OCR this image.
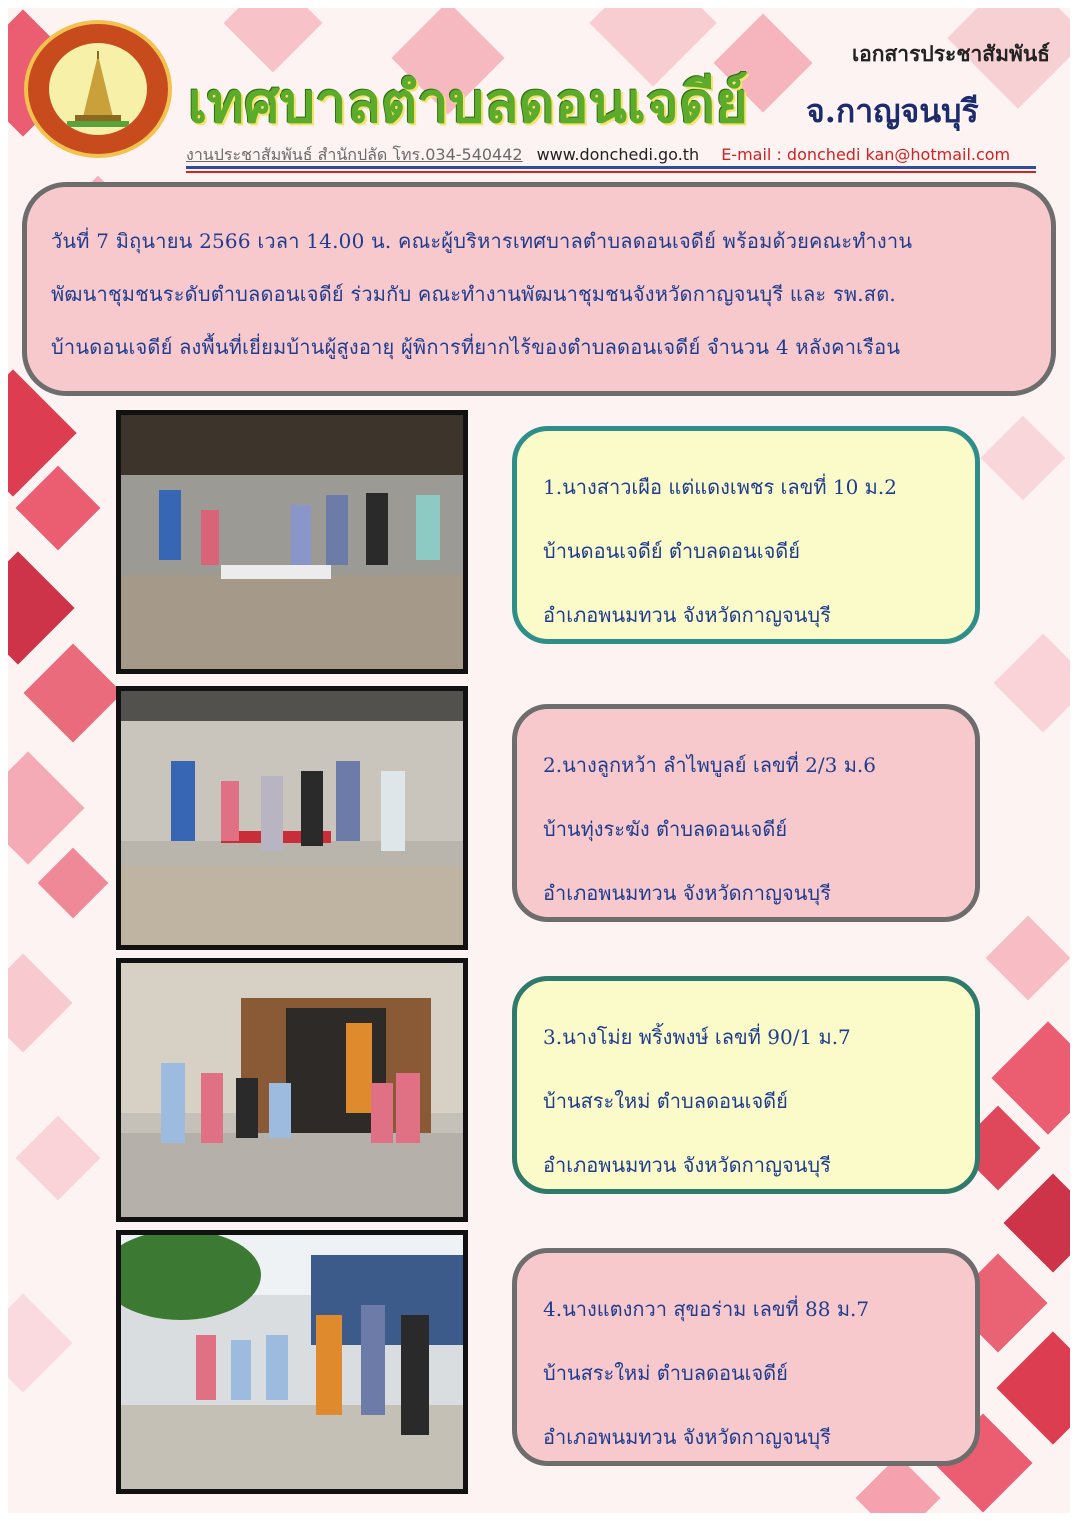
เทศบาลตำบลดอนเจดีย์ จ.กาญจนบุรี
เอกสารประชาสัมพันธ์
งานประชาสัมพันธ์ สำนักปลัด โทร.034-540442 www.donchedi.go.th E-mail : donchedi kan@hotmail.com
วันที่ 7 มิถุนายน 2566 เวลา 14.00 น. คณะผู้บริหารเทศบาลตำบลดอนเจดีย์ พร้อมด้วยคณะทำงาน
พัฒนาชุมชนระดับตำบลดอนเจดีย์ ร่วมกับ คณะทำงานพัฒนาชุมชนจังหวัดกาญจนบุรี และ รพ.สต.
บ้านดอนเจดีย์ ลงพื้นที่เยี่ยมบ้านผู้สูงอายุ ผู้พิการที่ยากไร้ของตำบลดอนเจดีย์ จำนวน 4 หลังคาเรือน
1.นางสาวเผือ แต่แดงเพชร เลขที่ 10 ม.2
บ้านดอนเจดีย์ ตำบลดอนเจดีย์
อำเภอพนมทวน จังหวัดกาญจนบุรี
2.นางลูกหว้า ลำไพบูลย์ เลขที่ 2/3 ม.6
บ้านทุ่งระฆัง ตำบลดอนเจดีย์
อำเภอพนมทวน จังหวัดกาญจนบุรี
3.นางโม่ย พริ้งพงษ์ เลขที่ 90/1 ม.7
บ้านสระใหม่ ตำบลดอนเจดีย์
อำเภอพนมทวน จังหวัดกาญจนบุรี
4.นางแตงกวา สุขอร่าม เลขที่ 88 ม.7
บ้านสระใหม่ ตำบลดอนเจดีย์
อำเภอพนมทวน จังหวัดกาญจนบุรี
